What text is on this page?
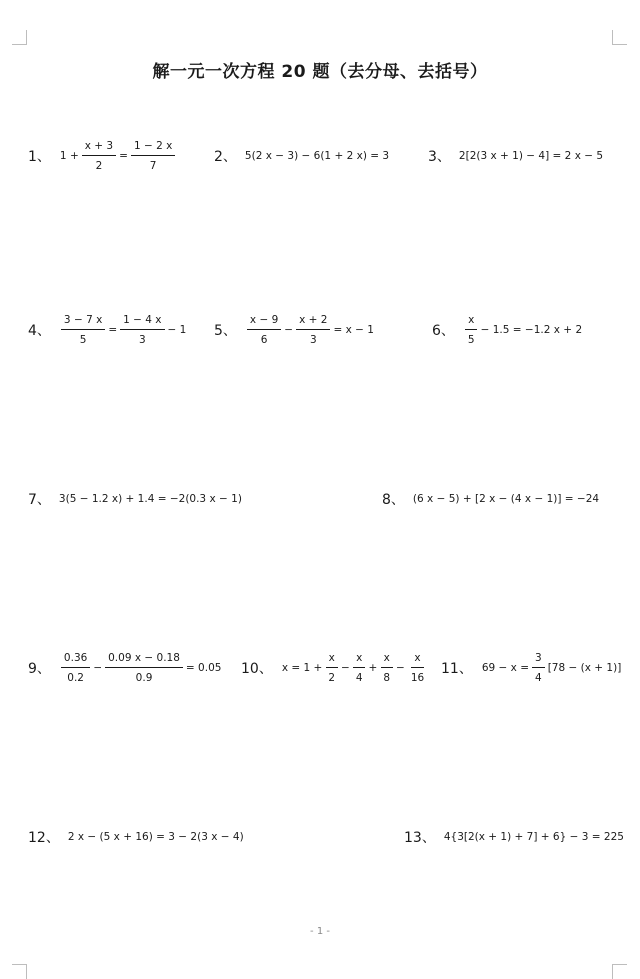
解一元一次方程 20 题（去分母、去括号）
1、 $1 + \frac{x + 3}{2} = \frac{1 - 2 x}{7}$	2、 5(2 x − 3) − 6(1 + 2 x) = 3	3、 2[2(3 x + 1) − 4] = 2 x − 5
4、 $\frac{3 - 7 x}{5} = \frac{1 - 4 x}{3} - 1$ 5、 $\frac{x - 9}{6} - \frac{x + 2}{3} = x - 1$	6、 $\frac{x}{5} - 1.5 = -1.2$ x + 2
7、 3(5 − 1.2 x) + 1.4 = −2(0.3 x − 1)	8、 (6 x − 5) + [2 x − (4 x − 1)] = −24
9、 $\frac{0.36}{0.2} - \frac{0.09 x - 0.18}{0.9} = 0.05$ 10、 $x = 1 + \frac{x}{2} - \frac{x}{4} + \frac{x}{8} - \frac{x}{16} 11$、 $69 - x = \frac{3}{4} [78 - (x + 1)]$
12、 2 x − (5 x + 16) = 3 − 2(3 x − 4)	13、 4{3[2(x + 1) + 7] + 6} − 3 = 225
- 1 -
